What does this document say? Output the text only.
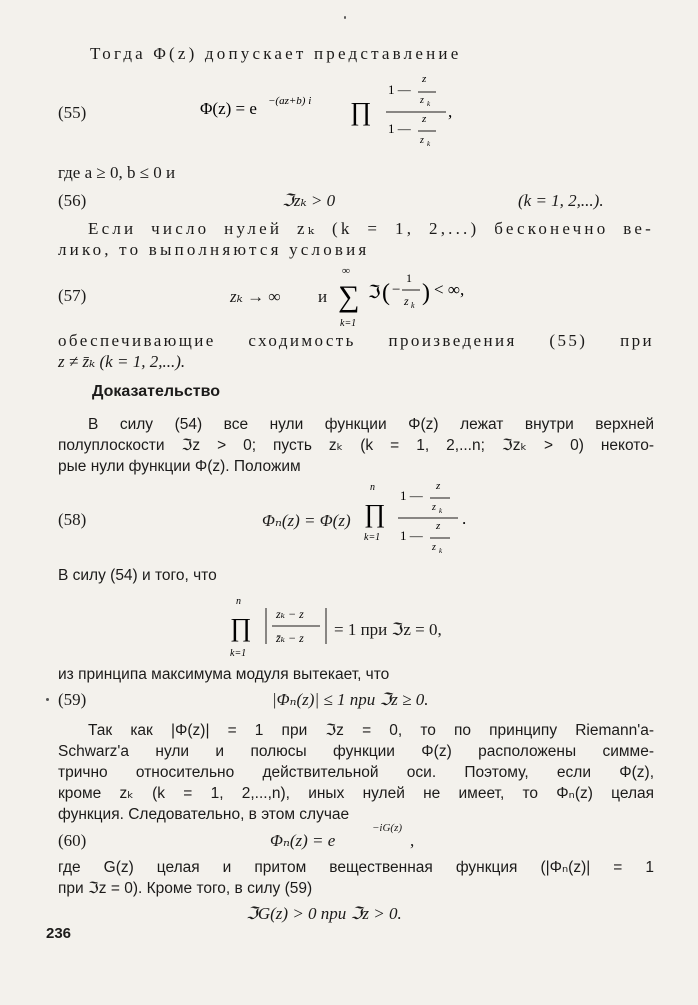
Тогда Φ(z) допускает представление
(55)	Φ(z) = e −(az+b) i ∏
1 —
z
z k
1 —
z
z k
,
где a ≥ 0, b ≤ 0 и
(56)	ℑzₖ > 0	(k = 1, 2,...).
Если число нулей zₖ (k = 1, 2,...) бесконечно ве-
лико, то выполняются условия
(57)	zₖ → ∞ и
∞
∑
k=1
ℑ ( −
1
z k ) < ∞,
обеспечивающие сходимость произведения (55) при
z ≠ z̄ₖ (k = 1, 2,...).
Доказательство
В силу (54) все нули функции Φ(z) лежат внутри верхней
полуплоскости ℑz > 0; пусть zₖ (k = 1, 2,...n; ℑzₖ > 0) некото-
рые нули функции Φ(z). Положим
(58)	Φₙ(z) = Φ(z)
n
∏
k=1
1 —
z
z k
1 —
z
z k
.
В силу (54) и того, что
n
∏
k=1
zₖ − z
z̄ₖ − z = 1 при ℑz = 0,
из принципа максимума модуля вытекает, что
(59)	|Φₙ(z)| ≤ 1 при ℑz ≥ 0.
Так как |Φ(z)| = 1 при ℑz = 0, то по принципу Riemann'a-
Schwarz'a нули и полюсы функции Φ(z) расположены симме-
трично относительно действительной оси. Поэтому, если Φ(z),
кроме zₖ (k = 1, 2,...,n), иных нулей не имеет, то Φₙ(z) целая
функция. Следовательно, в этом случае
(60)	Φₙ(z) = e
−iG(z)
,
где G(z) целая и притом вещественная функция (|Φₙ(z)| = 1
при ℑz = 0). Кроме того, в силу (59)
ℑG(z) > 0 при ℑz > 0.
236
